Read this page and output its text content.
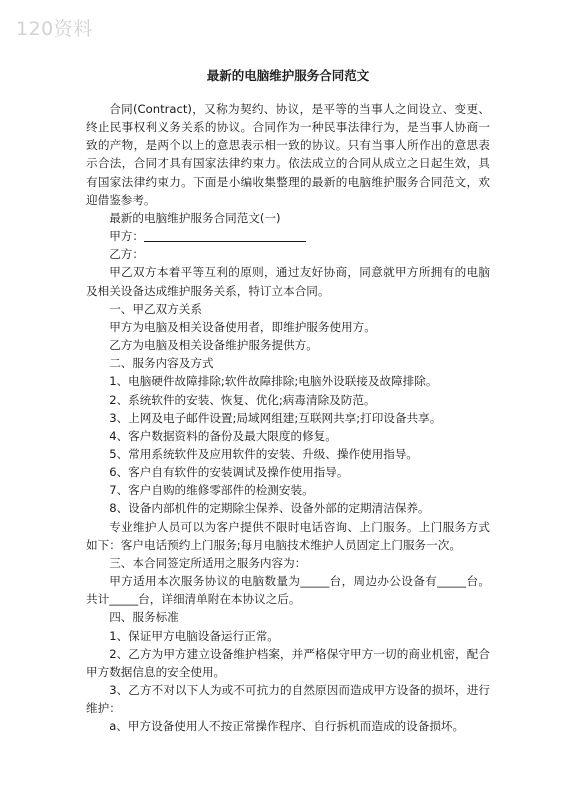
120资料
最新的电脑维护服务合同范文

合同(Contract)，又称为契约、协议，是平等的当事人之间设立、变更、终止民事权利义务关系的协议。合同作为一种民事法律行为，是当事人协商一致的产物，是两个以上的意思表示相一致的协议。只有当事人所作出的意思表示合法，合同才具有国家法律约束力。依法成立的合同从成立之日起生效，具有国家法律约束力。下面是小编收集整理的最新的电脑维护服务合同范文，欢迎借鉴参考。

最新的电脑维护服务合同范文(一)

甲方：

乙方：

甲乙双方本着平等互利的原则，通过友好协商，同意就甲方所拥有的电脑及相关设备达成维护服务关系，特订立本合同。

一、甲乙双方关系

甲方为电脑及相关设备使用者，即维护服务使用方。

乙方为电脑及相关设备维护服务提供方。

二、服务内容及方式

1、电脑硬件故障排除;软件故障排除;电脑外设联接及故障排除。

2、系统软件的安装、恢复、优化;病毒清除及防范。

3、上网及电子邮件设置;局域网组建;互联网共享;打印设备共享。

4、客户数据资料的备份及最大限度的修复。

5、常用系统软件及应用软件的安装、升级、操作使用指导。

6、客户自有软件的安装调试及操作使用指导。

7、客户自购的维修零部件的检测安装。

8、设备内部机件的定期除尘保养、设备外部的定期清洁保养。

专业维护人员可以为客户提供不限时电话咨询、上门服务。上门服务方式如下：客户电话预约上门服务;每月电脑技术维护人员固定上门服务一次。

三、本合同签定所适用之服务内容为：

甲方适用本次服务协议的电脑数量为_____台，周边办公设备有_____台。共计_____台，详细清单附在本协议之后。

四、服务标准

1、保证甲方电脑设备运行正常。

2、乙方为甲方建立设备维护档案，并严格保守甲方一切的商业机密，配合甲方数据信息的安全使用。

3、乙方不对以下人为或不可抗力的自然原因而造成甲方设备的损坏，进行维护：

a、甲方设备使用人不按正常操作程序、自行拆机而造成的设备损坏。
